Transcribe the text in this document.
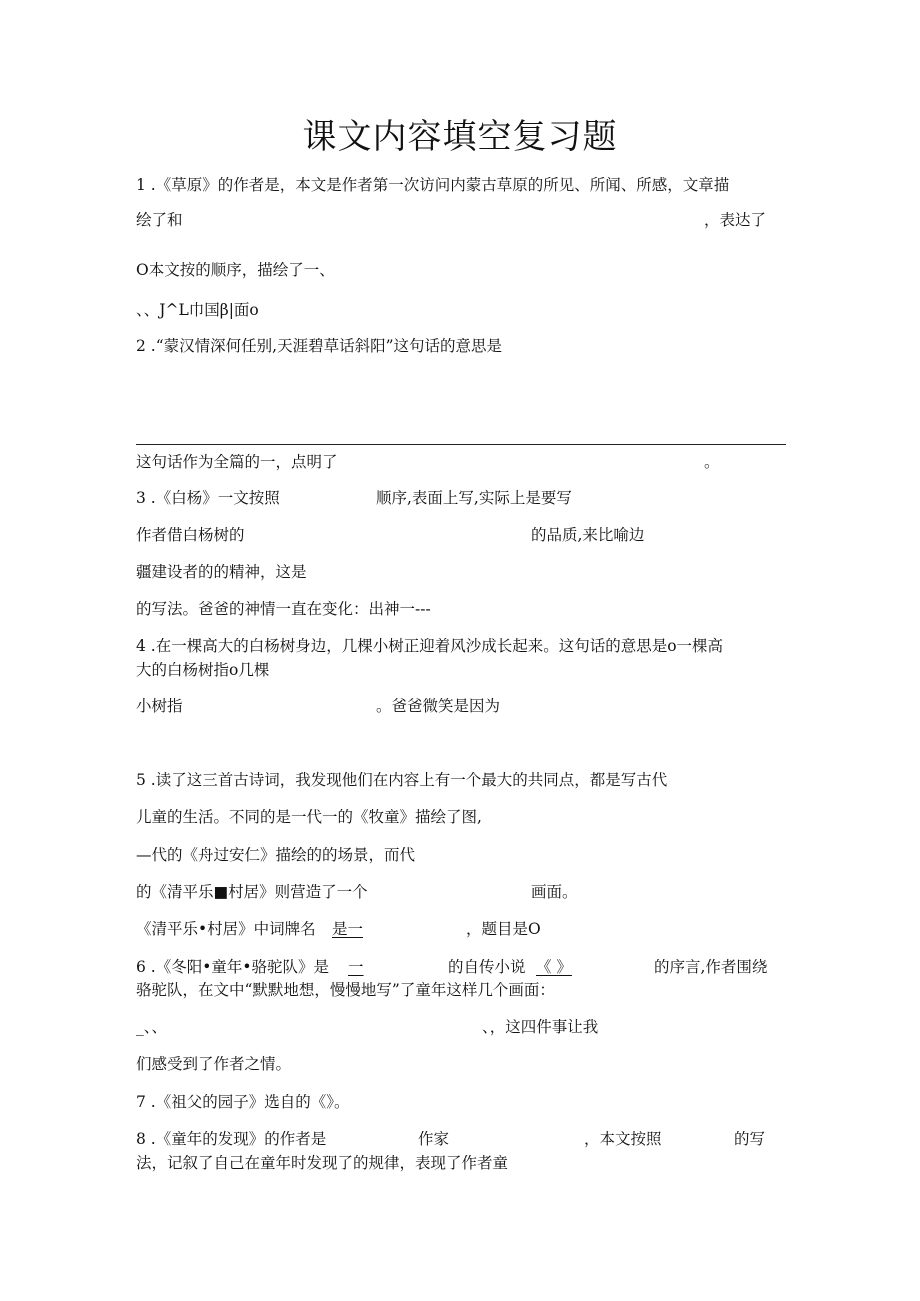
课文内容填空复习题
1 .《草原》的作者是，本文是作者第一次访问内蒙古草原的所见、所闻、所感，文章描
绘了和	，表达了
O本文按的顺序，描绘了一、
、、J^L巾国β|面o
2 .“蒙汉情深何任别,天涯碧草话斜阳”这句话的意思是
这句话作为全篇的一，点明了	。
3 .《白杨》一文按照	顺序,表面上写,实际上是要写
作者借白杨树的	的品质,来比喻边
疆建设者的的精神，这是
的写法。爸爸的神情一直在变化：出神一---
4 .在一棵高大的白杨树身边，几棵小树正迎着风沙成长起来。这句话的意思是o一棵高
大的白杨树指o几棵
小树指	。爸爸微笑是因为
5 .读了这三首古诗词，我发现他们在内容上有一个最大的共同点，都是写古代
儿童的生活。不同的是一代一的《牧童》描绘了图,
—代的《舟过安仁》描绘的的场景，而代
的《清平乐■村居》则营造了一个	画面。
《清平乐•村居》中词牌名 是一	，题目是O
6 .《冬阳•童年•骆驼队》是 一	的自传小说 《 》	的序言,作者围绕
骆驼队，在文中“默默地想，慢慢地写”了童年这样几个画面：
_、、	、，这四件事让我
们感受到了作者之情。
7 .《祖父的园子》选自的《》。
8 .《童年的发现》的作者是	作家	，本文按照	的写
法，记叙了自己在童年时发现了的规律，表现了作者童
